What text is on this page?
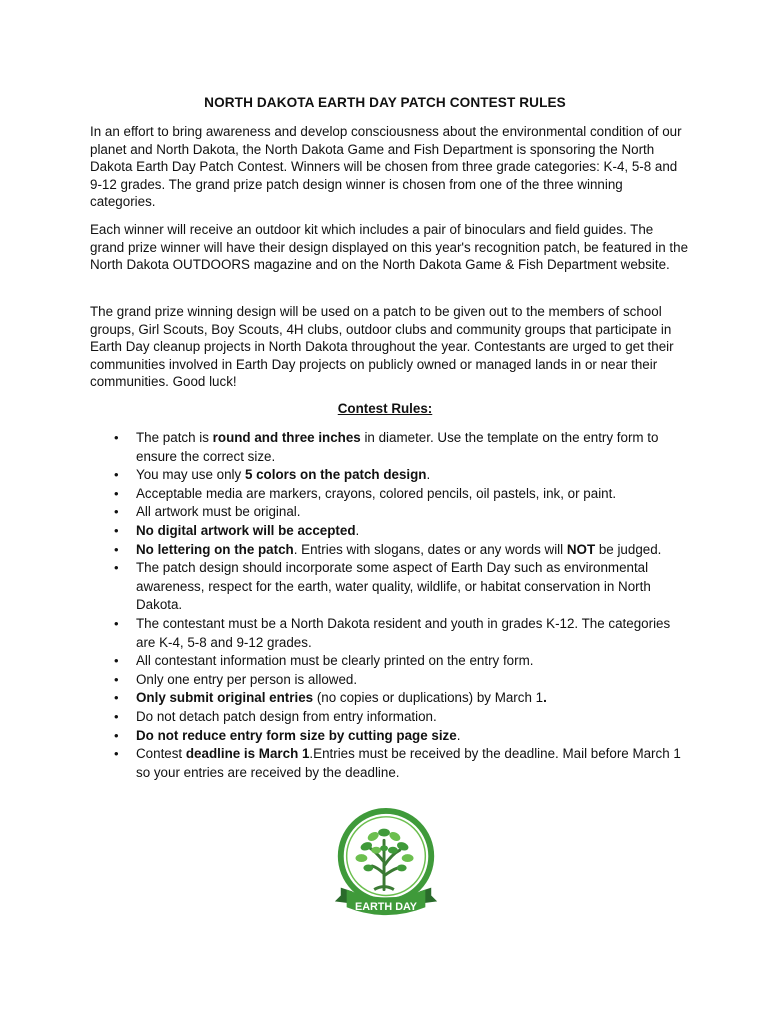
NORTH DAKOTA EARTH DAY PATCH CONTEST RULES

In an effort to bring awareness and develop consciousness about the environmental condition of our planet and North Dakota, the North Dakota Game and Fish Department is sponsoring the North Dakota Earth Day Patch Contest. Winners will be chosen from three grade categories: K-4, 5-8 and 9-12 grades. The grand prize patch design winner is chosen from one of the three winning categories.

Each winner will receive an outdoor kit which includes a pair of binoculars and field guides. The grand prize winner will have their design displayed on this year's recognition patch, be featured in the North Dakota OUTDOORS magazine and on the North Dakota Game & Fish Department website.

The grand prize winning design will be used on a patch to be given out to the members of school groups, Girl Scouts, Boy Scouts, 4H clubs, outdoor clubs and community groups that participate in Earth Day cleanup projects in North Dakota throughout the year. Contestants are urged to get their communities involved in Earth Day projects on publicly owned or managed lands in or near their communities. Good luck!

Contest Rules:
• The patch is round and three inches in diameter. Use the template on the entry form to ensure the correct size.
• You may use only 5 colors on the patch design.
• Acceptable media are markers, crayons, colored pencils, oil pastels, ink, or paint.
• All artwork must be original.
• No digital artwork will be accepted.
• No lettering on the patch. Entries with slogans, dates or any words will NOT be judged.
• The patch design should incorporate some aspect of Earth Day such as environmental awareness, respect for the earth, water quality, wildlife, or habitat conservation in North Dakota.
• The contestant must be a North Dakota resident and youth in grades K-12. The categories are K-4, 5-8 and 9-12 grades.
• All contestant information must be clearly printed on the entry form.
• Only one entry per person is allowed.
• Only submit original entries (no copies or duplications) by March 1.
• Do not detach patch design from entry information.
• Do not reduce entry form size by cutting page size.
• Contest deadline is March 1.Entries must be received by the deadline. Mail before March 1 so your entries are received by the deadline.
EARTH DAY
